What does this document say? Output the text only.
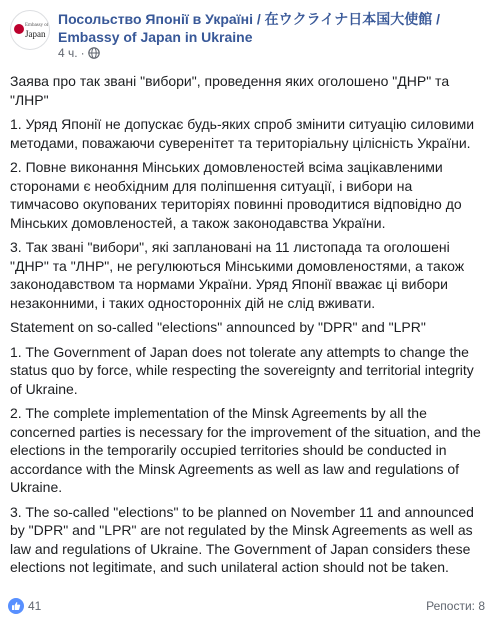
Embassy of
Japan
Посольство Японії в Україні / 在ウクライナ日本国大使館 / Embassy of Japan in Ukraine
4 ч. ·

Заява про так звані "вибори", проведення яких оголошено "ДНР" та "ЛНР"

1. Уряд Японії не допускає будь-яких спроб змінити ситуацію силовими методами, поважаючи суверенітет та територіальну цілісність України.

2. Повне виконання Мінських домовленостей всіма зацікавленими сторонами є необхідним для поліпшення ситуації, і вибори на тимчасово окупованих територіях повинні проводитися відповідно до Мінських домовленостей, а також законодавства України.

3. Так звані "вибори", які заплановані на 11 листопада та оголошені "ДНР" та "ЛНР", не регулюються Мінськими домовленостями, а також законодавством та нормами України. Уряд Японії вважає ці вибори незаконними, і таких односторонніх дій не слід вживати.

Statement on so-called "elections" announced by "DPR" and "LPR"

1. The Government of Japan does not tolerate any attempts to change the status quo by force, while respecting the sovereignty and territorial integrity of Ukraine.

2. The complete implementation of the Minsk Agreements by all the concerned parties is necessary for the improvement of the situation, and the elections in the temporarily occupied territories should be conducted in accordance with the Minsk Agreements as well as law and regulations of Ukraine.

3. The so-called "elections" to be planned on November 11 and announced by "DPR" and "LPR" are not regulated by the Minsk Agreements as well as law and regulations of Ukraine. The Government of Japan considers these elections not legitimate, and such unilateral action should not be taken.

41	Репости: 8
